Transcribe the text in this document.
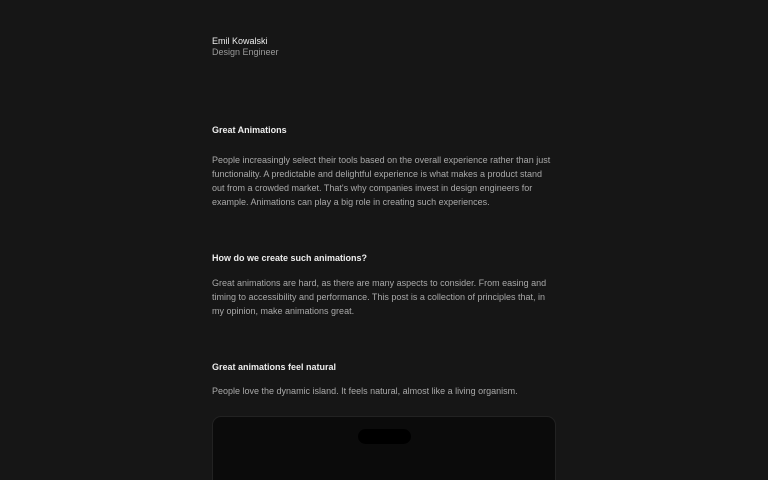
Emil Kowalski
Design Engineer
Great Animations

People increasingly select their tools based on the overall experience rather than just
functionality. A predictable and delightful experience is what makes a product stand
out from a crowded market. That's why companies invest in design engineers for
example. Animations can play a big role in creating such experiences.

How do we create such animations?

Great animations are hard, as there are many aspects to consider. From easing and
timing to accessibility and performance. This post is a collection of principles that, in
my opinion, make animations great.

Great animations feel natural

People love the dynamic island. It feels natural, almost like a living organism.
